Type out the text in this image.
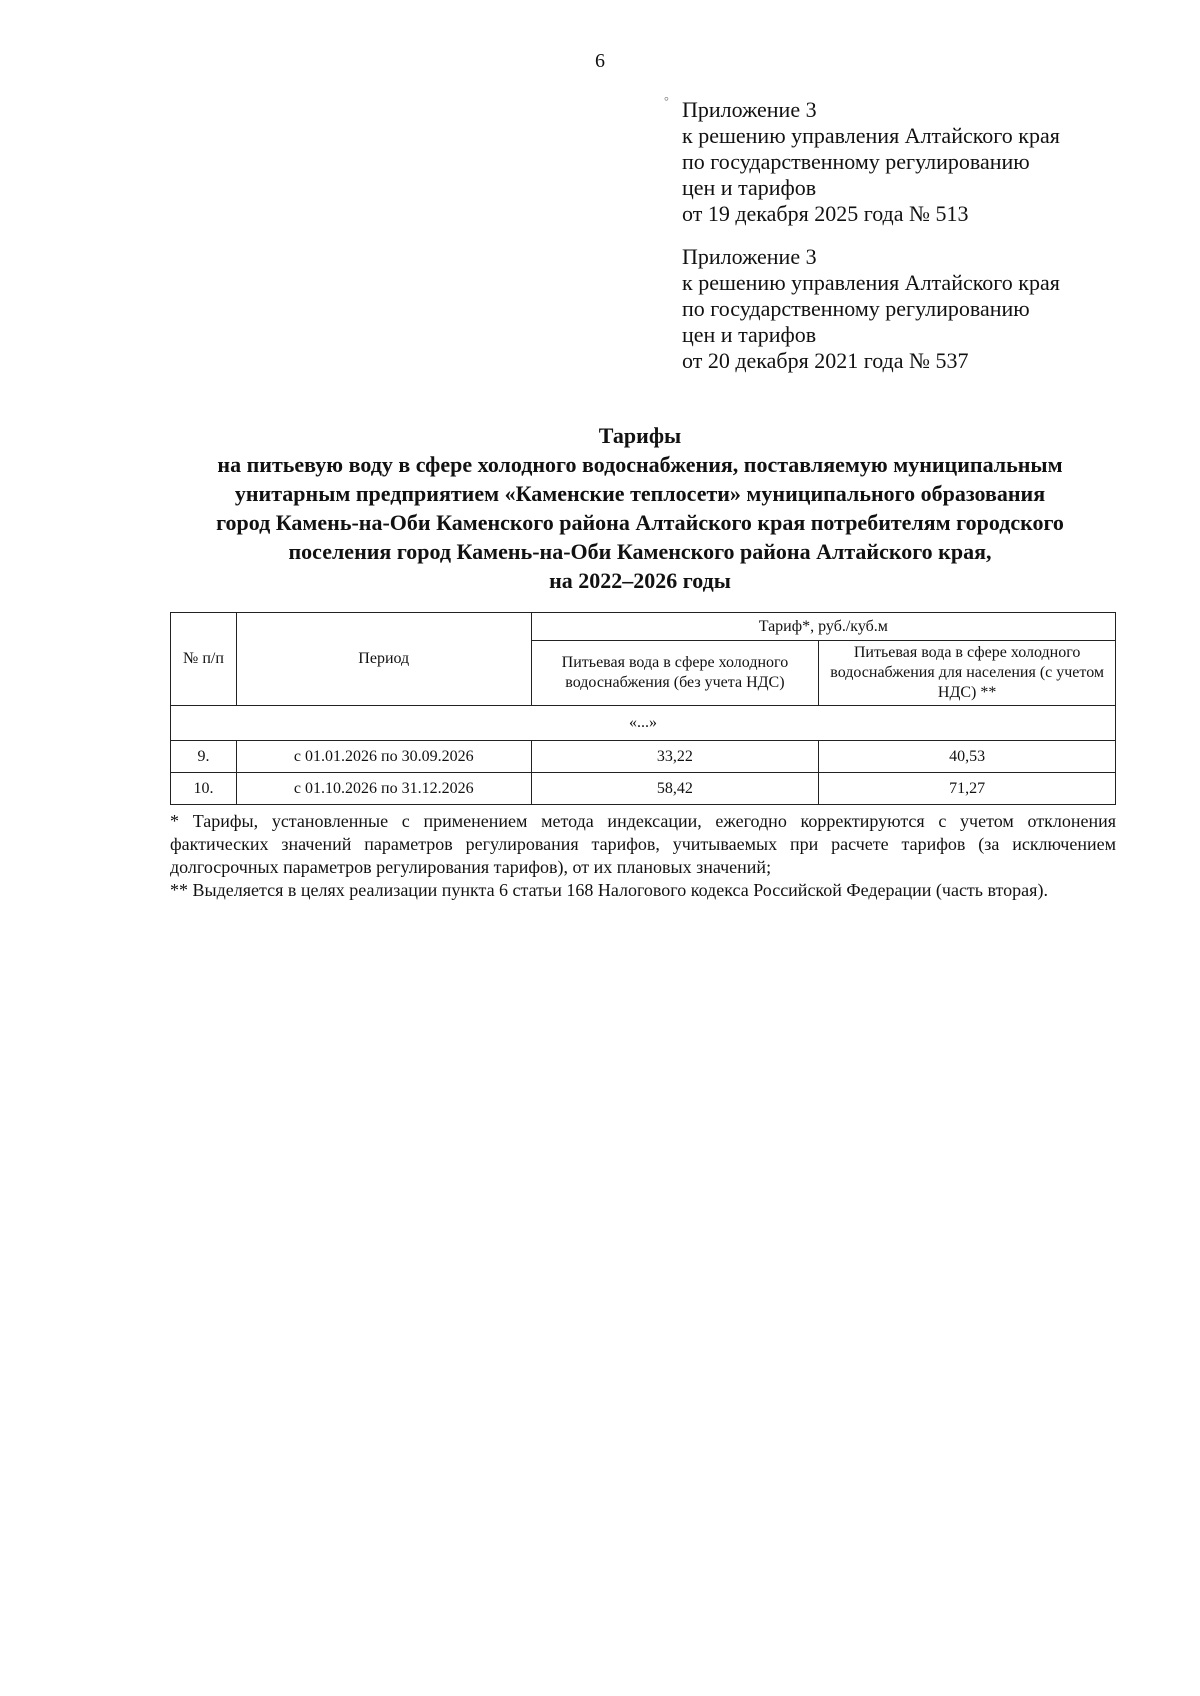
6
° Приложение 3
к решению управления Алтайского края
по государственному регулированию
цен и тарифов
от 19 декабря 2025 года № 513
Приложение 3
к решению управления Алтайского края
по государственному регулированию
цен и тарифов
от 20 декабря 2021 года № 537
Тарифы
на питьевую воду в сфере холодного водоснабжения, поставляемую муниципальным
унитарным предприятием «Каменские теплосети» муниципального образования
город Камень-на-Оби Каменского района Алтайского края потребителям городского
поселения город Камень-на-Оби Каменского района Алтайского края,
на 2022–2026 годы
№ п/п	Период	Тариф*, руб./куб.м	
		Питьевая вода в сфере холодного водоснабжения (без учета НДС)	Питьевая вода в сфере холодного водоснабжения для населения (с учетом НДС) **
«...»			
9.	с 01.01.2026 по 30.09.2026	33,22	40,53
10.	с 01.10.2026 по 31.12.2026	58,42	71,27

* Тарифы, установленные с применением метода индексации, ежегодно корректируются с учетом отклонения фактических значений параметров регулирования тарифов, учитываемых при расчете тарифов (за исключением долгосрочных параметров регулирования тарифов), от их плановых значений;

** Выделяется в целях реализации пункта 6 статьи 168 Налогового кодекса Российской Федерации (часть вторая).
